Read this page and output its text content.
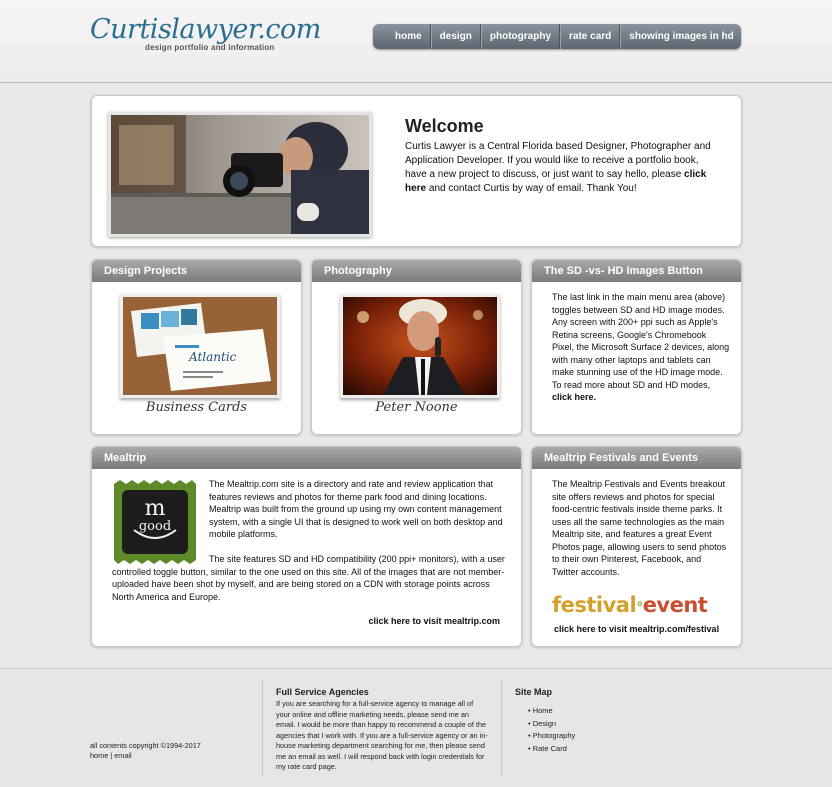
Curtislawyer.com
design portfolio and information
home	design	photography	rate card	showing images in hd
Welcome
Curtis Lawyer is a Central Florida based Designer, Photographer and Application Developer. If you would like to receive a portfolio book, have a new project to discuss, or just want to say hello, please click here and contact Curtis by way of email. Thank You!
Design Projects
Atlantic
Business Cards
Photography
Peter Noone
The SD -vs- HD Images Button
The last link in the main menu area (above) toggles between SD and HD image modes. Any screen with 200+ ppi such as Apple's Retina screens, Google's Chromebook Pixel, the Microsoft Surface 2 devices, along with many other laptops and tablets can make stunning use of the HD image mode. To read more about SD and HD modes, click here.
Mealtrip
m
good
The Mealtrip.com site is a directory and rate and review application that features reviews and photos for theme park food and dining locations. Mealtrip was built from the ground up using my own content management system, with a single UI that is designed to work well on both desktop and mobile platforms.
The site features SD and HD compatibility (200 ppi+ monitors), with a user controlled toggle button, similar to the one used on this site. All of the images that are not member-uploaded have been shot by myself, and are being stored on a CDN with storage points across North America and Europe.
click here to visit mealtrip.com
Mealtrip Festivals and Events
The Mealtrip Festivals and Events breakout site offers reviews and photos for special food-centric festivals inside theme parks. It uses all the same technologies as the main Mealtrip site, and features a great Event Photos page, allowing users to send photos to their own Pinterest, Facebook, and Twitter accounts.
festival°event
click here to visit mealtrip.com/festival
all contents copyright ©1994-2017
home | email
Full Service Agencies
If you are searching for a full-service agency to manage all of your online and offline marketing needs, please send me an email. I would be more than happy to recommend a couple of the agencies that I work with. If you are a full-service agency or an in-house marketing department searching for me, then please send me an email as well. I will respond back with login credentials for my rate card page.
Site Map
• Home
• Design
• Photography
• Rate Card
